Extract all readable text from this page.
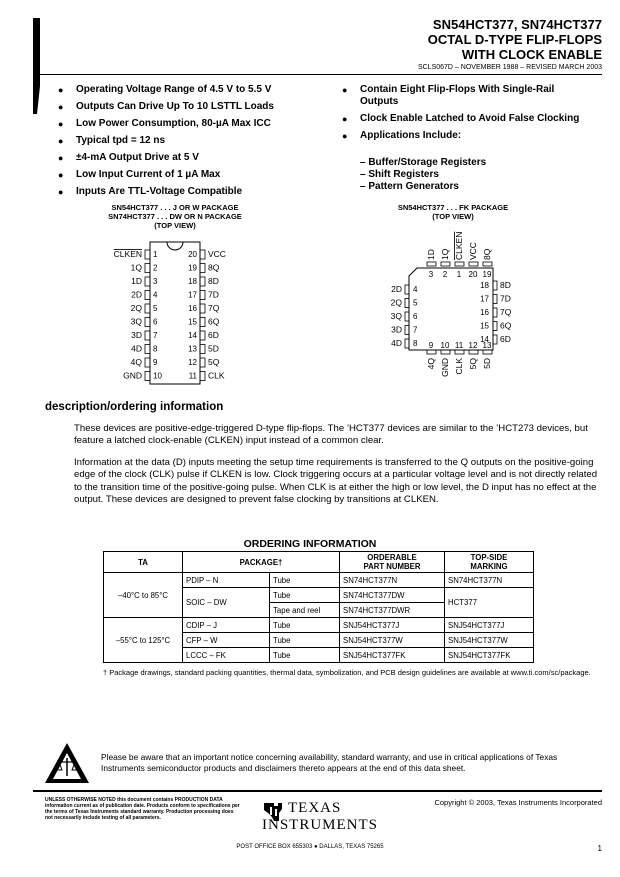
SN54HCT377, SN74HCT377
OCTAL D-TYPE FLIP-FLOPS
WITH CLOCK ENABLE
SCLS067D – NOVEMBER 1988 – REVISED MARCH 2003
● Operating Voltage Range of 4.5 V to 5.5 V
● Outputs Can Drive Up To 10 LSTTL Loads
● Low Power Consumption, 80-µA Max ICC
● Typical tpd = 12 ns
● ±4-mA Output Drive at 5 V
● Low Input Current of 1 µA Max
● Inputs Are TTL-Voltage Compatible
● Contain Eight Flip-Flops With Single-Rail Outputs
● Clock Enable Latched to Avoid False Clocking
● Applications Include:
– Buffer/Storage Registers
– Shift Registers
– Pattern Generators
SN54HCT377 . . . J OR W PACKAGE
SN74HCT377 . . . DW OR N PACKAGE
(TOP VIEW)
1
CLKEN
2
1Q
3
1D
4
2D
5
2Q
6
3Q
7
3D
8
4D
9
4Q
10
GND
20 VCC
19 8Q
18 8D
17 7D
16 7Q
15 6Q
14 6D
13 5D
12 5Q
11 CLK
SN54HCT377 . . . FK PACKAGE
(TOP VIEW)
1D
3
1Q
2
CLKEN
1
VCC
20
8Q
19
2D 4
2Q 5
3Q 6
3D 7
4D 8
18 8D
17 7D
16 7Q
15 6Q
14 6D
9
4Q
10
GND
11
CLK
12
5Q
13
5D
description/ordering information
These devices are positive-edge-triggered D-type flip-flops. The ’HCT377 devices are similar to the ’HCT273 devices, but feature a latched clock-enable (CLKEN) input instead of a common clear.
Information at the data (D) inputs meeting the setup time requirements is transferred to the Q outputs on the positive-going edge of the clock (CLK) pulse if CLKEN is low. Clock triggering occurs at a particular voltage level and is not directly related to the transition time of the positive-going pulse. When CLK is at either the high or low level, the D input has no effect at the output. These devices are designed to prevent false clocking by transitions at CLKEN.
ORDERING INFORMATION
TA	PACKAGE†		ORDERABLE
PART NUMBER	TOP-SIDE
MARKING
–40°C to 85°C	PDIP – N	Tube	SN74HCT377N	SN74HCT377N
	SOIC – DW	Tube	SN74HCT377DW	HCT377
		Tape and reel	SN74HCT377DWR	
–55°C to 125°C	CDIP – J	Tube	SNJ54HCT377J	SNJ54HCT377J
	CFP – W	Tube	SNJ54HCT377W	SNJ54HCT377W
	LCCC – FK	Tube	SNJ54HCT377FK	SNJ54HCT377FK
† Package drawings, standard packing quantities, thermal data, symbolization, and PCB design guidelines are available at www.ti.com/sc/package.
Please be aware that an important notice concerning availability, standard warranty, and use in critical applications of Texas Instruments semiconductor products and disclaimers thereto appears at the end of this data sheet.
UNLESS OTHERWISE NOTED this document contains PRODUCTION DATA information current as of publication date. Products conform to specifications per the terms of Texas Instruments standard warranty. Production processing does not necessarily include testing of all parameters.
Copyright © 2003, Texas Instruments Incorporated
TEXAS
INSTRUMENTS
POST OFFICE BOX 655303 ● DALLAS, TEXAS 75265	1
